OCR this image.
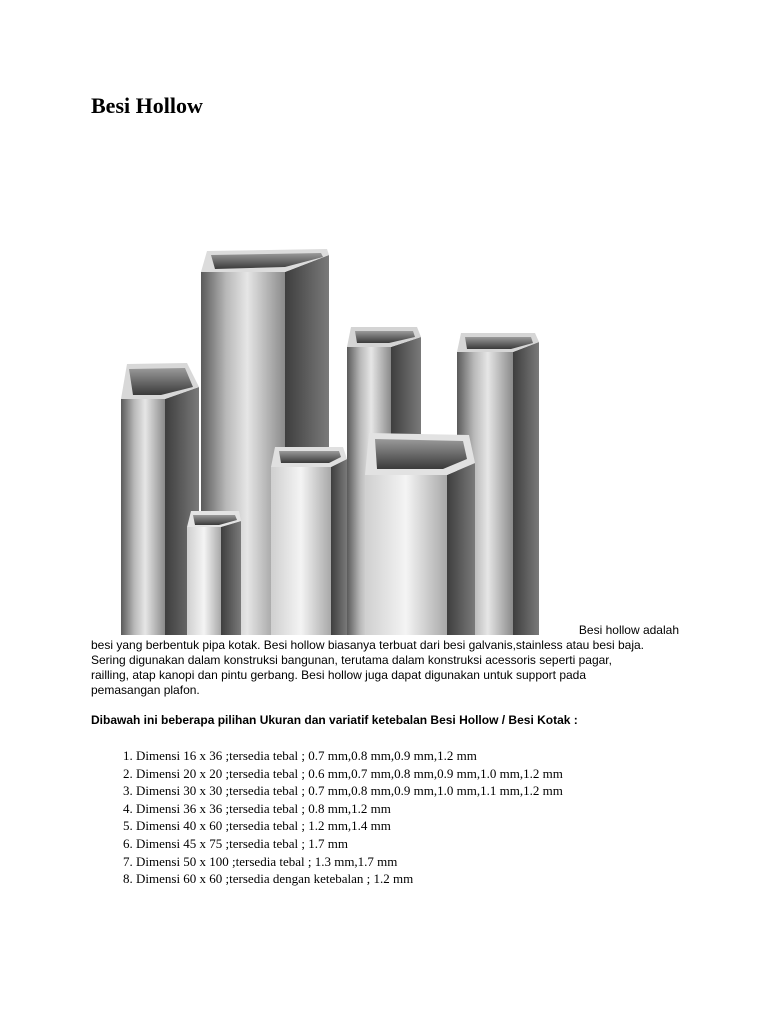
Besi Hollow
Besi hollow adalah
besi yang berbentuk pipa kotak. Besi hollow biasanya terbuat dari besi galvanis,stainless atau besi baja.
Sering digunakan dalam konstruksi bangunan, terutama dalam konstruksi acessoris seperti pagar,
railling, atap kanopi dan pintu gerbang. Besi hollow juga dapat digunakan untuk support pada
pemasangan plafon.

Dibawah ini beberapa pilihan Ukuran dan variatif ketebalan Besi Hollow / Besi Kotak :

1. Dimensi 16 x 36 ;tersedia tebal ; 0.7 mm,0.8 mm,0.9 mm,1.2 mm
2. Dimensi 20 x 20 ;tersedia tebal ; 0.6 mm,0.7 mm,0.8 mm,0.9 mm,1.0 mm,1.2 mm
3. Dimensi 30 x 30 ;tersedia tebal ; 0.7 mm,0.8 mm,0.9 mm,1.0 mm,1.1 mm,1.2 mm
4. Dimensi 36 x 36 ;tersedia tebal ; 0.8 mm,1.2 mm
5. Dimensi 40 x 60 ;tersedia tebal ; 1.2 mm,1.4 mm
6. Dimensi 45 x 75 ;tersedia tebal ; 1.7 mm
7. Dimensi 50 x 100 ;tersedia tebal ; 1.3 mm,1.7 mm
8. Dimensi 60 x 60 ;tersedia dengan ketebalan ; 1.2 mm
